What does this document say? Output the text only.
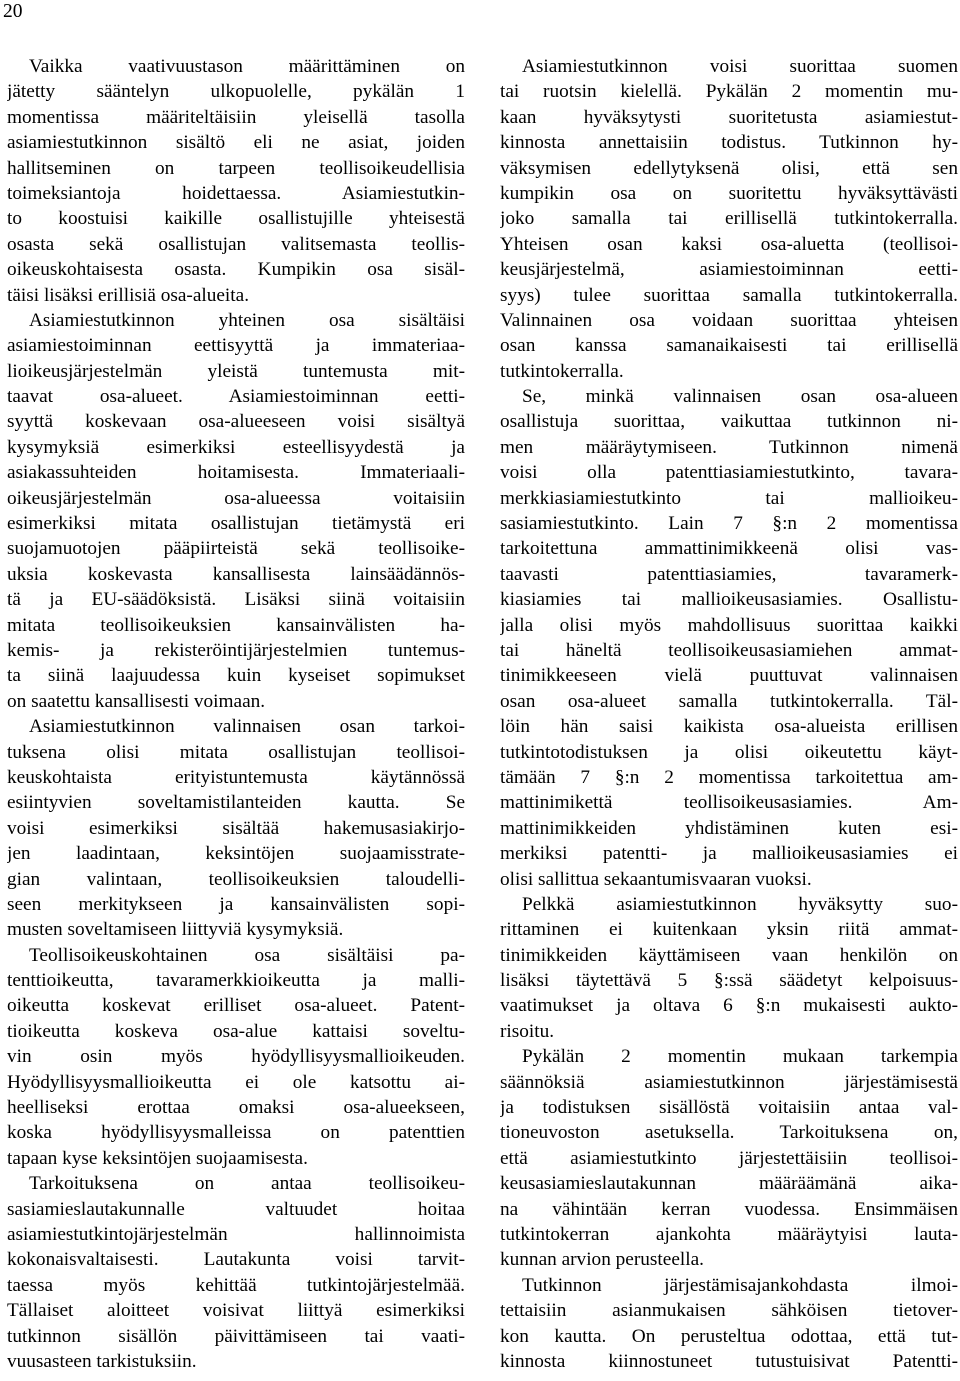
20
Vaikka vaativuustason määrittäminen on
jätetty sääntelyn ulkopuolelle, pykälän 1
momentissa määriteltäisiin yleisellä tasolla
asiamiestutkinnon sisältö eli ne asiat, joiden
hallitseminen on tarpeen teollisoikeudellisia
toimeksiantoja hoidettaessa. Asiamiestutkin-
to koostuisi kaikille osallistujille yhteisestä
osasta sekä osallistujan valitsemasta teollis-
oikeuskohtaisesta osasta. Kumpikin osa sisäl-
täisi lisäksi erillisiä osa-alueita.
Asiamiestutkinnon yhteinen osa sisältäisi
asiamiestoiminnan eettisyyttä ja immateriaa-
lioikeusjärjestelmän yleistä tuntemusta mit-
taavat osa-alueet. Asiamiestoiminnan eetti-
syyttä koskevaan osa-alueeseen voisi sisältyä
kysymyksiä esimerkiksi esteellisyydestä ja
asiakassuhteiden hoitamisesta. Immateriaali-
oikeusjärjestelmän osa-alueessa voitaisiin
esimerkiksi mitata osallistujan tietämystä eri
suojamuotojen pääpiirteistä sekä teollisoike-
uksia koskevasta kansallisesta lainsäädännös-
tä ja EU-säädöksistä. Lisäksi siinä voitaisiin
mitata teollisoikeuksien kansainvälisten ha-
kemis- ja rekisteröintijärjestelmien tuntemus-
ta siinä laajuudessa kuin kyseiset sopimukset
on saatettu kansallisesti voimaan.
Asiamiestutkinnon valinnaisen osan tarkoi-
tuksena olisi mitata osallistujan teollisoi-
keuskohtaista erityistuntemusta käytännössä
esiintyvien soveltamistilanteiden kautta. Se
voisi esimerkiksi sisältää hakemusasiakirjo-
jen laadintaan, keksintöjen suojaamisstrate-
gian valintaan, teollisoikeuksien taloudelli-
seen merkitykseen ja kansainvälisten sopi-
musten soveltamiseen liittyviä kysymyksiä.
Teollisoikeuskohtainen osa sisältäisi pa-
tenttioikeutta, tavaramerkkioikeutta ja malli-
oikeutta koskevat erilliset osa-alueet. Patent-
tioikeutta koskeva osa-alue kattaisi soveltu-
vin osin myös hyödyllisyysmallioikeuden.
Hyödyllisyysmallioikeutta ei ole katsottu ai-
heelliseksi erottaa omaksi osa-alueekseen,
koska hyödyllisyysmalleissa on patenttien
tapaan kyse keksintöjen suojaamisesta.
Tarkoituksena on antaa teollisoikeu-
sasiamieslautakunnalle valtuudet hoitaa
asiamiestutkintojärjestelmän hallinnoimista
kokonaisvaltaisesti. Lautakunta voisi tarvit-
taessa myös kehittää tutkintojärjestelmää.
Tällaiset aloitteet voisivat liittyä esimerkiksi
tutkinnon sisällön päivittämiseen tai vaati-
vuusasteen tarkistuksiin.
Asiamiestutkinnon voisi suorittaa suomen
tai ruotsin kielellä. Pykälän 2 momentin mu-
kaan hyväksytysti suoritetusta asiamiestut-
kinnosta annettaisiin todistus. Tutkinnon hy-
väksymisen edellytyksenä olisi, että sen
kumpikin osa on suoritettu hyväksyttävästi
joko samalla tai erillisellä tutkintokerralla.
Yhteisen osan kaksi osa-aluetta (teollisoi-
keusjärjestelmä, asiamiestoiminnan eetti-
syys) tulee suorittaa samalla tutkintokerralla.
Valinnainen osa voidaan suorittaa yhteisen
osan kanssa samanaikaisesti tai erillisellä
tutkintokerralla.
Se, minkä valinnaisen osan osa-alueen
osallistuja suorittaa, vaikuttaa tutkinnon ni-
men määräytymiseen. Tutkinnon nimenä
voisi olla patenttiasiamiestutkinto, tavara-
merkkiasiamiestutkinto tai mallioikeu-
sasiamiestutkinto. Lain 7 §:n 2 momentissa
tarkoitettuna ammattinimikkeenä olisi vas-
taavasti patenttiasiamies, tavaramerk-
kiasiamies tai mallioikeusasiamies. Osallistu-
jalla olisi myös mahdollisuus suorittaa kaikki
tai häneltä teollisoikeusasiamiehen ammat-
tinimikkeeseen vielä puuttuvat valinnaisen
osan osa-alueet samalla tutkintokerralla. Täl-
löin hän saisi kaikista osa-alueista erillisen
tutkintotodistuksen ja olisi oikeutettu käyt-
tämään 7 §:n 2 momentissa tarkoitettua am-
mattinimikettä teollisoikeusasiamies. Am-
mattinimikkeiden yhdistäminen kuten esi-
merkiksi patentti- ja mallioikeusasiamies ei
olisi sallittua sekaantumisvaaran vuoksi.
Pelkkä asiamiestutkinnon hyväksytty suo-
rittaminen ei kuitenkaan yksin riitä ammat-
tinimikkeiden käyttämiseen vaan henkilön on
lisäksi täytettävä 5 §:ssä säädetyt kelpoisuus-
vaatimukset ja oltava 6 §:n mukaisesti aukto-
risoitu.
Pykälän 2 momentin mukaan tarkempia
säännöksiä asiamiestutkinnon järjestämisestä
ja todistuksen sisällöstä voitaisiin antaa val-
tioneuvoston asetuksella. Tarkoituksena on,
että asiamiestutkinto järjestettäisiin teollisoi-
keusasiamieslautakunnan määräämänä aika-
na vähintään kerran vuodessa. Ensimmäisen
tutkintokerran ajankohta määräytyisi lauta-
kunnan arvion perusteella.
Tutkinnon järjestämisajankohdasta ilmoi-
tettaisiin asianmukaisen sähköisen tietover-
kon kautta. On perusteltua odottaa, että tut-
kinnosta kiinnostuneet tutustuisivat Patentti-
